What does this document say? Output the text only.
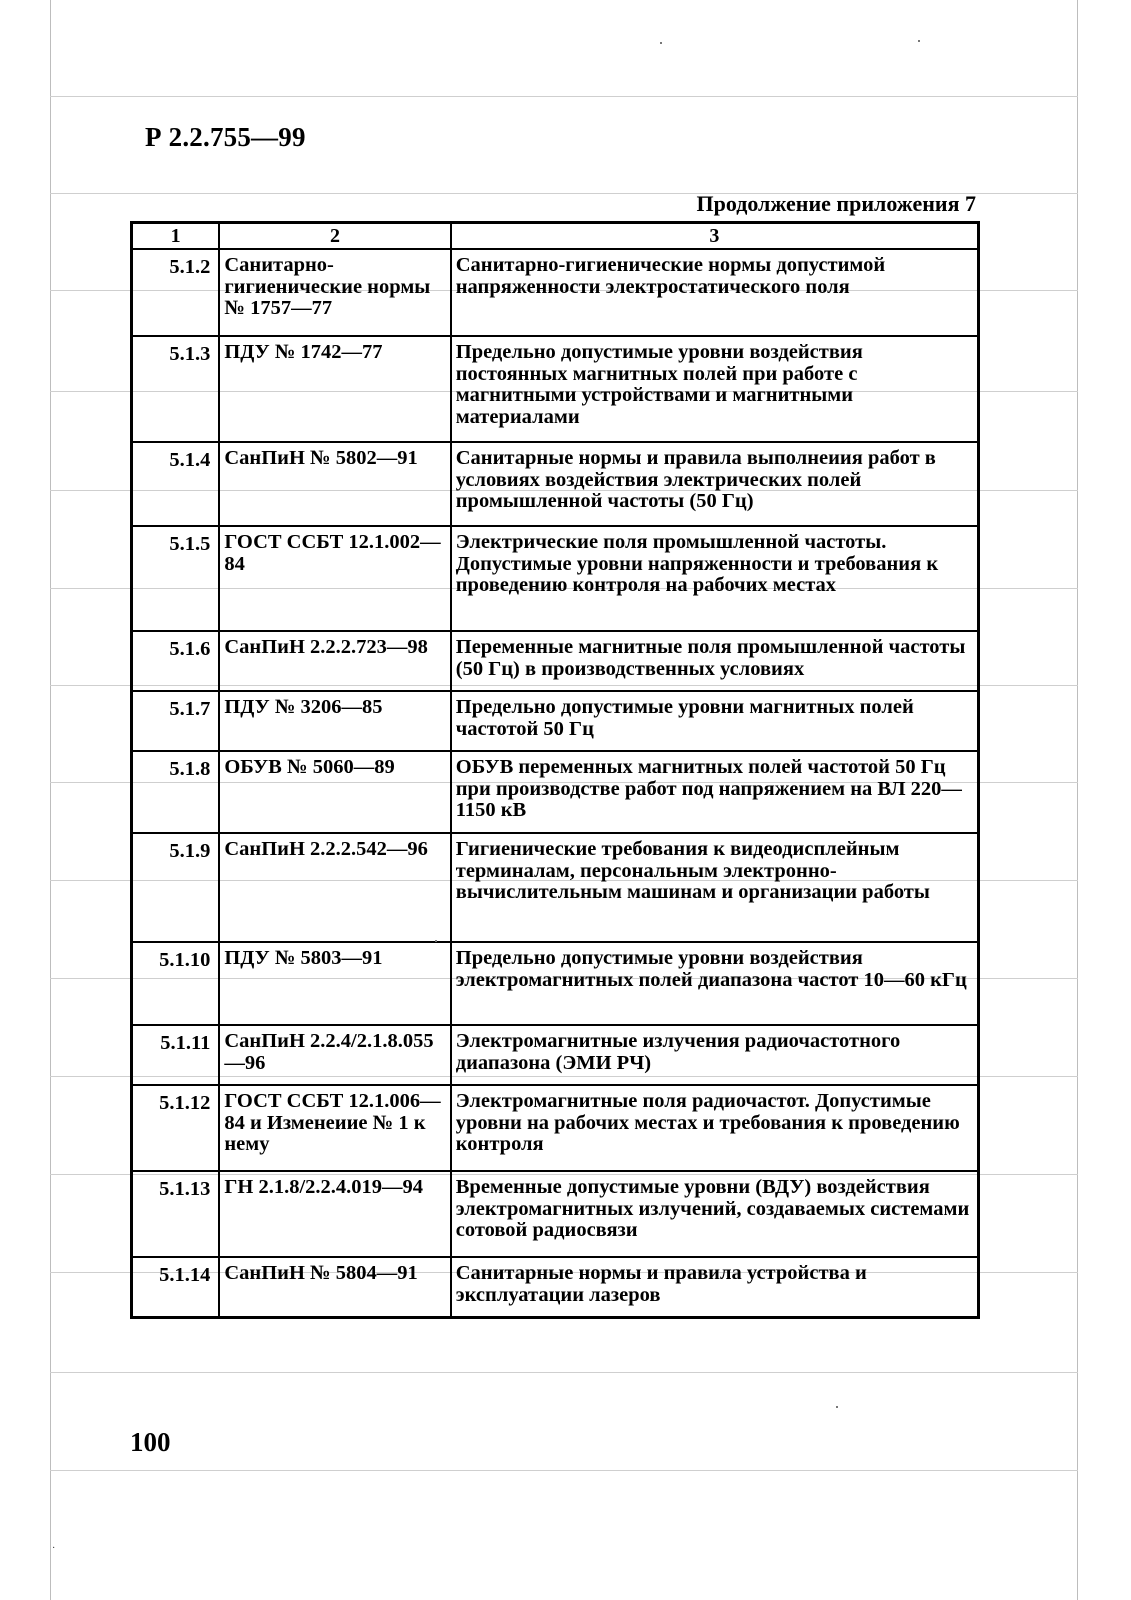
Р 2.2.755—99
Продолжение приложения 7
1	2	3
5.1.2	Санитарно-гигиенические нормы № 1757—77	Санитарно-гигиенические нормы допустимой напряженности электростатического поля
5.1.3	ПДУ № 1742—77	Предельно допустимые уровни воздействия постоянных магнитных полей при работе с магнитными устройствами и магнитными материалами
5.1.4	СанПиН № 5802—91	Санитарные нормы и правила выполнеиия работ в условиях воздействия электрических полей промышленной частоты (50 Гц)
5.1.5	ГОСТ ССБТ 12.1.002—84	Электрические поля промышленной частоты. Допустимые уровни напряженности и требования к проведению контроля на рабочих местах
5.1.6	СанПиН 2.2.2.723—98	Переменные магнитные поля промышленной частоты (50 Гц) в производственных условиях
5.1.7	ПДУ № 3206—85	Предельно допустимые уровни магнитных полей частотой 50 Гц
5.1.8	ОБУВ № 5060—89	ОБУВ переменных магнитных полей частотой 50 Гц при производстве работ под напряжением на ВЛ 220—1150 кВ
5.1.9	СанПиН 2.2.2.542—96	Гигиенические требования к видеодисплейным терминалам, персональным электронно-вычислительным машинам и организации работы
5.1.10	ПДУ № 5803—91	Предельно допустимые уровни воздействия электромагнитных полей диапазона частот 10—60 кГц
5.1.11	СанПиН 2.2.4/2.1.8.055—96	Электромагнитные излучения радиочастотного диапазона (ЭМИ РЧ)
5.1.12	ГОСТ ССБТ 12.1.006—84 и Изменеиие № 1 к нему	Электромагнитные поля радиочастот. Допустимые уровни на рабочих местах и требования к проведению контроля
5.1.13	ГН 2.1.8/2.2.4.019—94	Временные допустимые уровни (ВДУ) воздействия электромагнитных излучений, создаваемых системами сотовой радиосвязи
5.1.14	СанПиН № 5804—91	Санитарные нормы и правила устройства и эксплуатации лазеров
100
·
